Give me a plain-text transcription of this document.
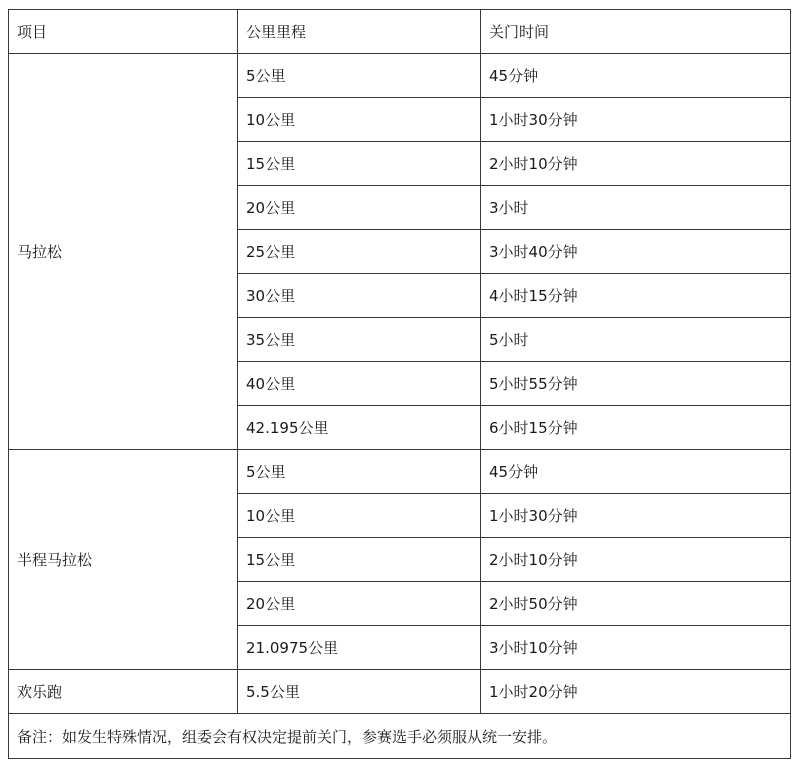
项目	公里里程	关门时间
马拉松	5公里	45分钟
	10公里	1小时30分钟
	15公里	2小时10分钟
	20公里	3小时
	25公里	3小时40分钟
	30公里	4小时15分钟
	35公里	5小时
	40公里	5小时55分钟
	42.195公里	6小时15分钟
半程马拉松	5公里	45分钟
	10公里	1小时30分钟
	15公里	2小时10分钟
	20公里	2小时50分钟
	21.0975公里	3小时10分钟
欢乐跑	5.5公里	1小时20分钟
备注：如发生特殊情况，组委会有权决定提前关门，参赛选手必须服从统一安排。		
